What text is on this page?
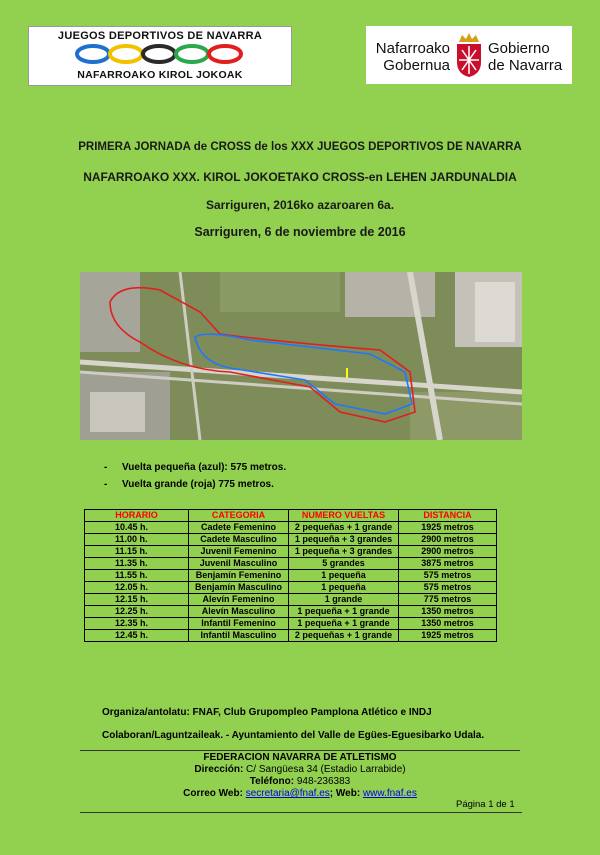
JUEGOS DEPORTIVOS DE NAVARRA
NAFARROAKO KIROL JOKOAK
Nafarroako
Gobernua
Gobierno
de Navarra
PRIMERA JORNADA de CROSS de los XXX JUEGOS DEPORTIVOS DE NAVARRA
NAFARROAKO XXX. KIROL JOKOETAKO CROSS-en LEHEN JARDUNALDIA
Sarriguren, 2016ko azaroaren 6a.
Sarriguren, 6 de noviembre de 2016
- Vuelta pequeña (azul): 575 metros.
- Vuelta grande (roja) 775 metros.
HORARIO	CATEGORIA	NUMERO VUELTAS	DISTANCIA
10.45 h.	Cadete Femenino	2 pequeñas + 1 grande	1925 metros
11.00 h.	Cadete Masculino	1 pequeña + 3 grandes	2900 metros
11.15 h.	Juvenil Femenino	1 pequeña + 3 grandes	2900 metros
11.35 h.	Juvenil Masculino	5 grandes	3875 metros
11.55 h.	Benjamín Femenino	1 pequeña	575 metros
12.05 h.	Benjamín Masculino	1 pequeña	575 metros
12.15 h.	Alevín Femenino	1 grande	775 metros
12.25 h.	Alevín Masculino	1 pequeña + 1 grande	1350 metros
12.35 h.	Infantil Femenino	1 pequeña + 1 grande	1350 metros
12.45 h.	Infantil Masculino	2 pequeñas + 1 grande	1925 metros
Organiza/antolatu: FNAF, Club Grupompleo Pamplona Atlético e INDJ
Colaboran/Laguntzaileak. - Ayuntamiento del Valle de Egües-Eguesibarko Udala.
FEDERACION NAVARRA DE ATLETISMO
Dirección: C/ Sangüesa 34 (Estadio Larrabide)
Teléfono: 948-236383
Correo Web: secretaria@fnaf.es; Web: www.fnaf.es
Página 1 de 1
